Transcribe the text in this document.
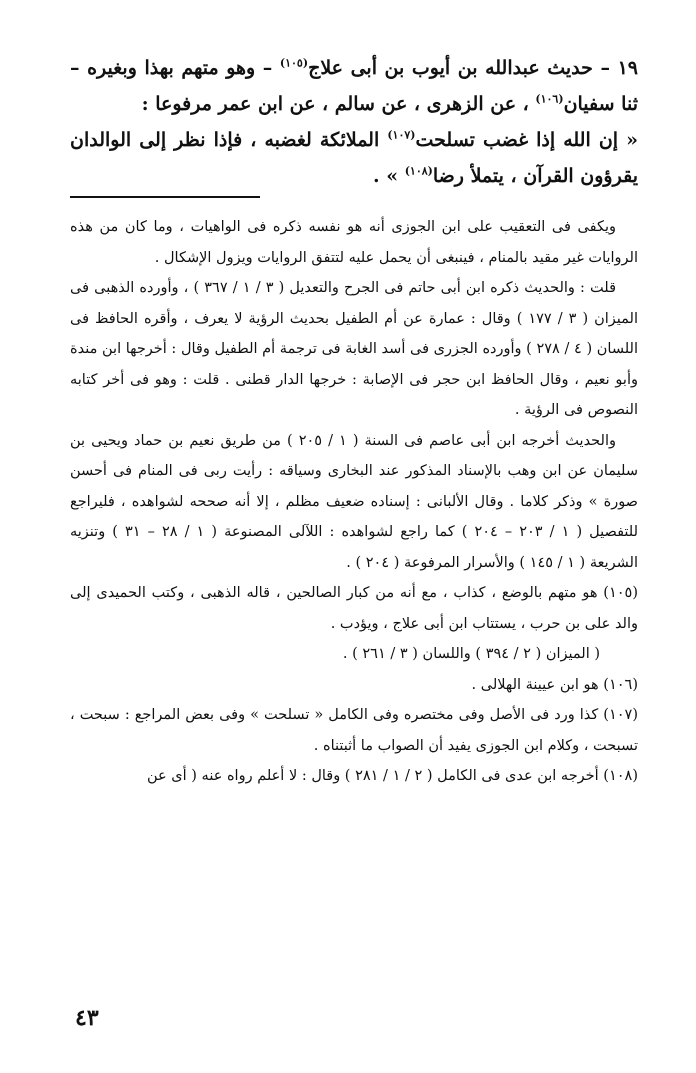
١٩ – حديث عبدالله بن أيوب بن أبى علاج$^{(١٠٥)}$ – وهو متهم بهذا وبغيره – ثنا سفيان$^{(١٠٦)}$ ، عن الزهرى ، عن سالم ، عن ابن عمر مرفوعا :

« إن الله إذا غضب تسلحت$^{(١٠٧)}$ الملائكة لغضبه ، فإذا نظر إلى الوالدان يقرؤون القرآن ، يتملأ رضا$^{(١٠٨)}$ » .

ويكفى فى التعقيب على ابن الجوزى أنه هو نفسه ذكره فى الواهيات ، وما كان من هذه الروايات غير مقيد بالمنام ، فينبغى أن يحمل عليه لتتفق الروايات ويزول الإشكال .

قلت : والحديث ذكره ابن أبى حاتم فى الجرح والتعديل ( ٣ / ١ / ٣٦٧ ) ، وأورده الذهبى فى الميزان ( ٣ / ١٧٧ ) وقال : عمارة عن أم الطفيل بحديث الرؤية لا يعرف ، وأقره الحافظ فى اللسان ( ٤ / ٢٧٨ ) وأورده الجزرى فى أسد الغابة فى ترجمة أم الطفيل وقال : أخرجها ابن مندة وأبو نعيم ، وقال الحافظ ابن حجر فى الإصابة : خرجها الدار قطنى . قلت : وهو فى أخر كتابه النصوص فى الرؤية .

والحديث أخرجه ابن أبى عاصم فى السنة ( ١ / ٢٠٥ ) من طريق نعيم بن حماد ويحيى بن سليمان عن ابن وهب بالإسناد المذكور عند البخارى وسياقه : رأيت ربى فى المنام فى أحسن صورة » وذكر كلاما . وقال الألبانى : إسناده ضعيف مظلم ، إلا أنه صححه لشواهده ، فليراجع للتفصيل ( ١ / ٢٠٣ – ٢٠٤ ) كما راجع لشواهده : اللآلى المصنوعة ( ١ / ٢٨ – ٣١ ) وتنزيه الشريعة ( ١ / ١٤٥ ) والأسرار المرفوعة ( ٢٠٤ ) .

(١٠٥) هو متهم بالوضع ، كذاب ، مع أنه من كبار الصالحين ، قاله الذهبى ، وكتب الحميدى إلى والد على بن حرب ، يستتاب ابن أبى علاج ، ويؤدب .

( الميزان ( ٢ / ٣٩٤ ) واللسان ( ٣ / ٢٦١ ) .

(١٠٦) هو ابن عيينة الهلالى .

(١٠٧) كذا ورد فى الأصل وفى مختصره وفى الكامل « تسلحت » وفى بعض المراجع : سبحت ، تسبحت ، وكلام ابن الجوزى يفيد أن الصواب ما أثبتناه .

(١٠٨) أخرجه ابن عدى فى الكامل ( ٢ / ١ / ٢٨١ ) وقال : لا أعلم رواه عنه ( أى عن

٤٣
